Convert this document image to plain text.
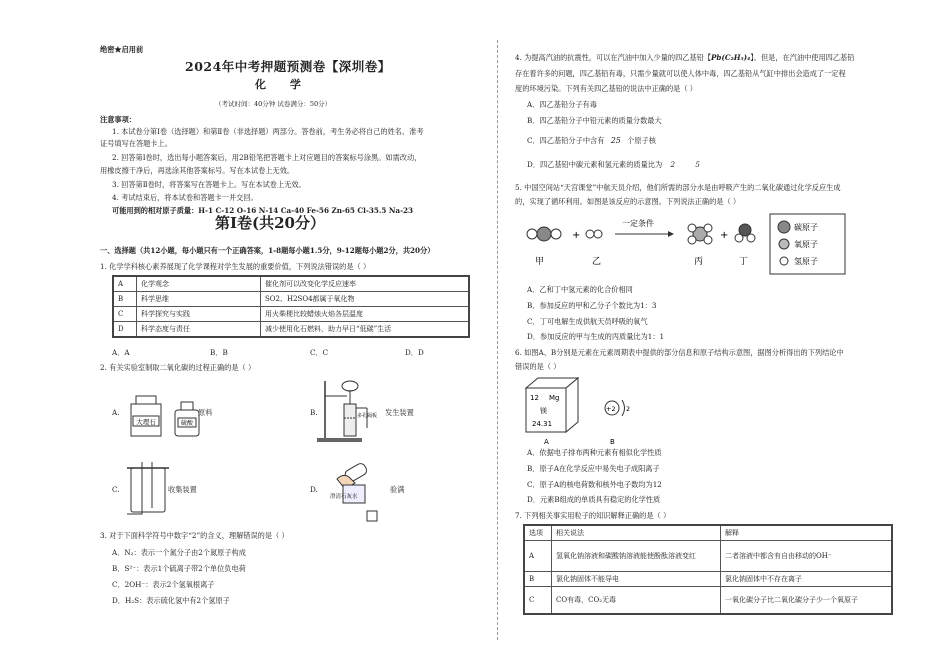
绝密★启用前
2024年中考押题预测卷【深圳卷】
化 学
（考试时间：40分钟 试卷满分：50分）
注意事项：
1. 本试卷分第Ⅰ卷（选择题）和第Ⅱ卷（非选择题）两部分。答卷前，考生务必将自己的姓名、准考
证号填写在答题卡上。
2. 回答第Ⅰ卷时，选出每小题答案后，用2B铅笔把答题卡上对应题目的答案标号涂黑。如需改动，
用橡皮擦干净后，再选涂其他答案标号。写在本试卷上无效。
3. 回答第Ⅱ卷时，将答案写在答题卡上。写在本试卷上无效。
4. 考试结束后，将本试卷和答题卡一并交回。
可能用到的相对原子质量：H-1 C-12 O-16 N-14 Ca-40 Fe-56 Zn-65 Cl-35.5 Na-23
第Ⅰ卷(共20分）
一、选择题（共12小题，每小题只有一个正确答案，1-8题每小题1.5分，9-12题每小题2分，共20分）
1. 化学学科核心素养展现了化学课程对学生发展的重要价值，下列说法错误的是（ ）
A	化学观念	催化剂可以改变化学反应速率
B	科学思维	SO2、H2SO4都属于氧化物
C	科学探究与实践	用火柴梗比较蜡烛火焰各层温度
D	科学态度与责任	减少使用化石燃料，助力早日“低碳”生活
A．A	B．B	C．C	D．D
2. 有关实验室制取二氧化碳的过程正确的是（ ）
A.
大理石	硫酸
原料	B.	多孔隔板 发生装置
C.	收集装置	D.
澄清石灰水
验满
3. 对于下面科学符号中数字“2”的含义，理解错误的是（ ）
A．N₂：表示一个氮分子由2个氮原子构成
B．S²⁻：表示1个硫离子带2个单位负电荷
C．2OH⁻：表示2个氢氧根离子
D．H₂S：表示硫化氢中有2个氢原子
4. 为提高汽油的抗震性，可以在汽油中加入少量的四乙基铅【Pb(C₂H₅)₄】。但是，在汽油中使用四乙基铅
存在着许多的问题，四乙基铅有毒，只需少量就可以使人体中毒，四乙基铅从气缸中排出会造成了一定程
度的环境污染。下列有关四乙基铅的说法中正确的是（ ）
A．四乙基铅分子有毒
B．四乙基铅分子中铅元素的质量分数最大
C．四乙基铅分子中含有 25 个原子核
D．四乙基铅中碳元素和氢元素的质量比为 2	5
5. 中国空间站“天宫课堂”中航天员介绍，他们所需的部分水是由呼吸产生的二氧化碳通过化学反应生成
的，实现了循环利用。如图是该反应的示意图。下列说法正确的是（ ）
+
一定条件
+
甲	乙	丙	丁
碳原子
氧原子
氢原子
A．乙和丁中氢元素的化合价相同
B．参加反应的甲和乙分子个数比为1：3
C．丁可电解生成供航天员呼吸的氧气
D．参加反应的甲与生成的丙质量比为1：1
6. 如图A、B分别是元素在元素周期表中提供的部分信息和原子结构示意图，据图分析得出的下列结论中
错误的是（ ）
12 Mg
镁
24.31
+2 2
A	B
A．依据电子排布两种元素有相似化学性质
B．原子A在化学反应中易失电子成阳离子
C．原子A的核电荷数和核外电子数均为12
D．元素B组成的单质具有稳定的化学性质
7. 下列相关事实用粒子的知识解释正确的是（ ）
选项	相关说法	解释
A	氢氧化钠溶液和碳酸钠溶液能使酚酞溶液变红	二者溶液中都含有自由移动的OH⁻
B	氯化钠固体不能导电	氯化钠固体中不存在离子
C	CO有毒，CO₂无毒	一氧化碳分子比二氧化碳分子少一个氧原子
